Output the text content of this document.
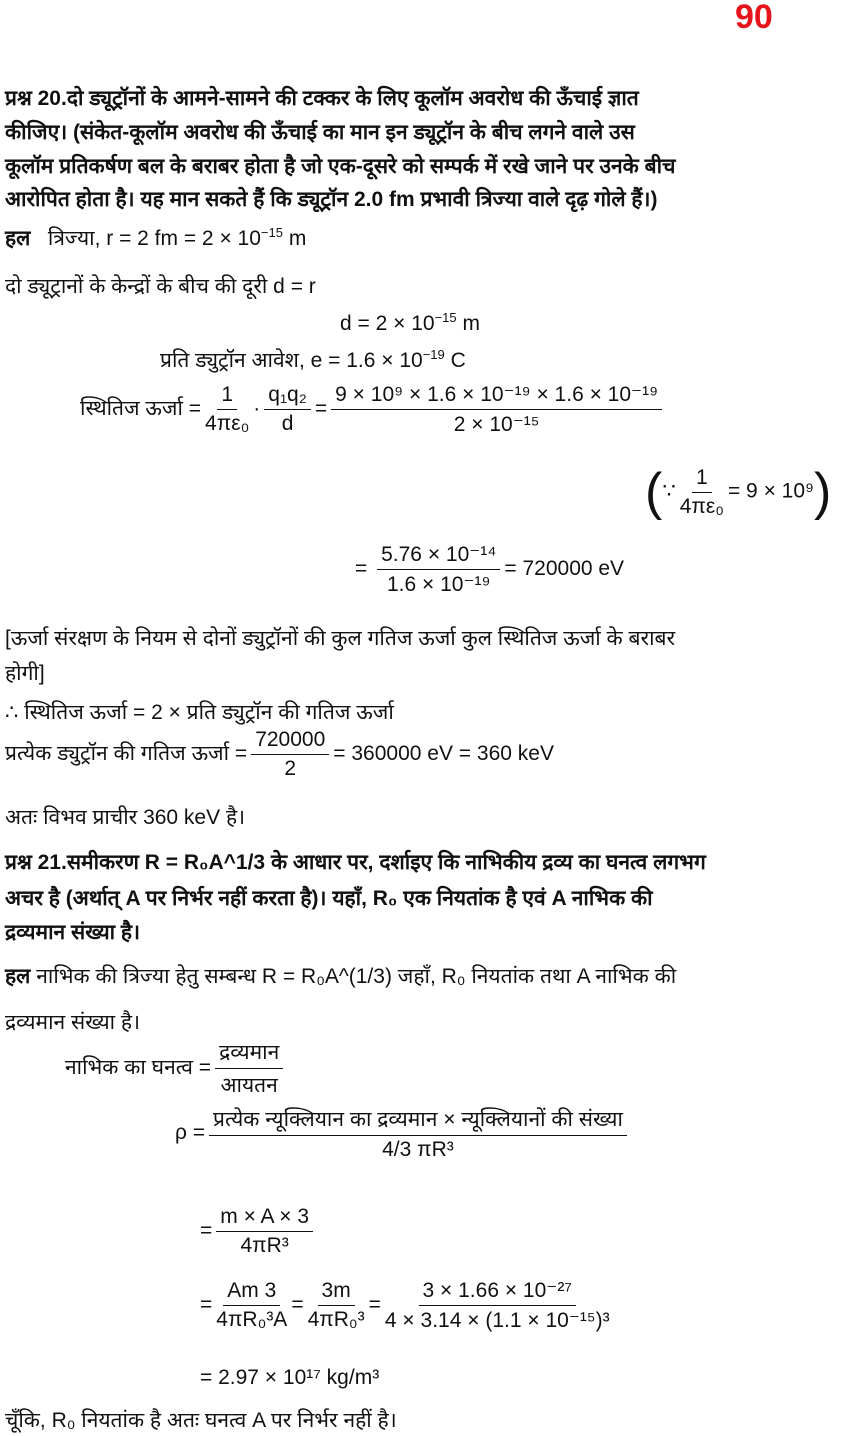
90
प्रश्न 20.दो ड्यूट्रॉनों के आमने-सामने की टक्कर के लिए कूलॉम अवरोध की ऊँचाई ज्ञात
कीजिए। (संकेत-कूलॉम अवरोध की ऊँचाई का मान इन ड्यूट्रॉन के बीच लगने वाले उस
कूलॉम प्रतिकर्षण बल के बराबर होता है जो एक-दूसरे को सम्पर्क में रखे जाने पर उनके बीच
आरोपित होता है। यह मान सकते हैं कि ड्यूट्रॉन 2.0 fm प्रभावी त्रिज्या वाले दृढ़ गोले हैं।)
हल त्रिज्या, r = 2 fm = $2 \times 10^{-15}$ m
दो ड्यूट्रानों के केन्द्रों के बीच की दूरी d = r
$d = 2 \times 10^{-15}$ m
प्रति ड्युट्रॉन आवेश, $e = 1.6 \times 10^{-19}$ C
स्थितिज ऊर्जा = $\frac{1}{\text{4πε₀}} \cdot \frac{\text{q₁q₂}}{d} = \frac{\text{9 × 10⁹ × 1.6 × 10⁻¹⁹ × 1.6 × 10⁻¹⁹}}{\text{2 × 10⁻¹⁵}}$
(∵ $\frac{1}{\text{4πε₀}} = 9 \times 10^9$)
= $\frac{\text{5.76 × 10⁻¹⁴}}{\text{1.6 × 10⁻¹⁹}} = 720000$ eV
[ऊर्जा संरक्षण के नियम से दोनों ड्युट्रॉनों की कुल गतिज ऊर्जा कुल स्थितिज ऊर्जा के बराबर
होगी]
∴ स्थितिज ऊर्जा = 2 × प्रति ड्युट्रॉन की गतिज ऊर्जा
प्रत्येक ड्युट्रॉन की गतिज ऊर्जा = $\frac{720000}{2} = 360000$ eV = 360 keV
अतः विभव प्राचीर 360 keV है।
प्रश्न 21.समीकरण R = R₀A^1/3 के आधार पर, दर्शाइए कि नाभिकीय द्रव्य का घनत्व लगभग
अचर है (अर्थात् A पर निर्भर नहीं करता है)। यहाँ, R₀ एक नियतांक है एवं A नाभिक की
द्रव्यमान संख्या है।
हल नाभिक की त्रिज्या हेतु सम्बन्ध R = R₀A^(1/3) जहाँ, R₀ नियतांक तथा A नाभिक की
द्रव्यमान संख्या है।
नाभिक का घनत्व =
द्रव्यमान
आयतन
ρ =
प्रत्येक न्यूक्लियान का द्रव्यमान × न्यूक्लियानों की संख्या
4/3 πR³
= $\frac{m \times A \times 3}{\text{4πR³}}$
= $\frac{Am 3}{\text{4πR₀³A}} = \frac{3m}{\text{4πR₀³}} = \frac{\text{3 × 1.66 × 10⁻²⁷}}{\text{4 × 3.14 × (1.1 × 10⁻¹⁵)³}}$
= 2.97 × 10¹⁷ kg/m³
चूँकि, R₀ नियतांक है अतः घनत्व A पर निर्भर नहीं है।
